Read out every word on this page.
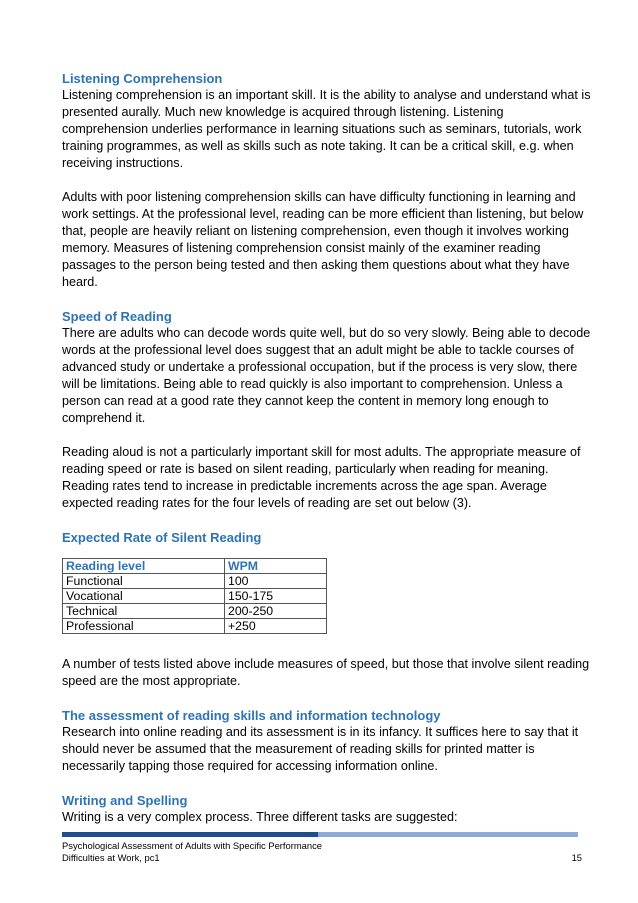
Listening Comprehension

Listening comprehension is an important skill. It is the ability to analyse and understand what is presented aurally. Much new knowledge is acquired through listening. Listening comprehension underlies performance in learning situations such as seminars, tutorials, work training programmes, as well as skills such as note taking. It can be a critical skill, e.g. when receiving instructions.

Adults with poor listening comprehension skills can have difficulty functioning in learning and work settings. At the professional level, reading can be more efficient than listening, but below that, people are heavily reliant on listening comprehension, even though it involves working memory. Measures of listening comprehension consist mainly of the examiner reading passages to the person being tested and then asking them questions about what they have heard.

Speed of Reading

There are adults who can decode words quite well, but do so very slowly. Being able to decode words at the professional level does suggest that an adult might be able to tackle courses of advanced study or undertake a professional occupation, but if the process is very slow, there will be limitations. Being able to read quickly is also important to comprehension. Unless a person can read at a good rate they cannot keep the content in memory long enough to comprehend it.

Reading aloud is not a particularly important skill for most adults. The appropriate measure of reading speed or rate is based on silent reading, particularly when reading for meaning. Reading rates tend to increase in predictable increments across the age span. Average expected reading rates for the four levels of reading are set out below (3).

Expected Rate of Silent Reading

Reading level	WPM
Functional	100
Vocational	150-175
Technical	200-250
Professional	+250

A number of tests listed above include measures of speed, but those that involve silent reading speed are the most appropriate.

The assessment of reading skills and information technology

Research into online reading and its assessment is in its infancy. It suffices here to say that it should never be assumed that the measurement of reading skills for printed matter is necessarily tapping those required for accessing information online.

Writing and Spelling

Writing is a very complex process. Three different tasks are suggested:

Psychological Assessment of Adults with Specific Performance
Difficulties at Work, pc1	15
